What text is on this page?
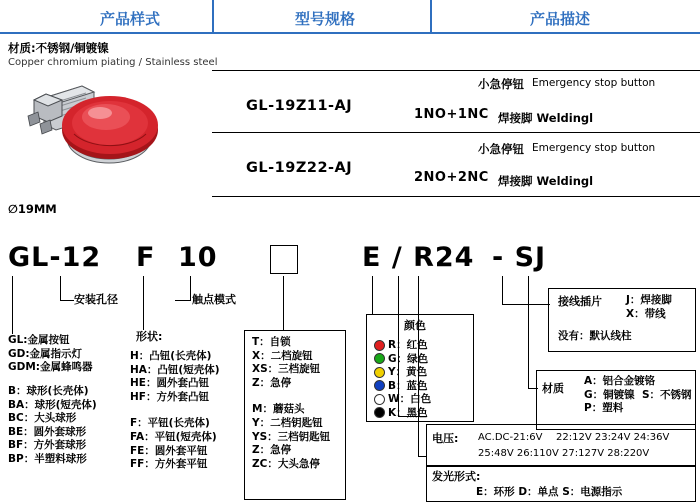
产品样式	型号规格	产品描述
材质:不锈钢/铜镀镍
Copper chromium piating / Stainless steel
∅19MM
GL-19Z11-AJ
小急停钮 Emergency stop button
1NO+1NC 焊接脚 Weldingl
GL-19Z22-AJ
小急停钮 Emergency stop button
2NO+2NC 焊接脚 Weldingl
GL-12 F 10	E / R24 - SJ
安装孔径	触点模式
GL:金属按钮
GD:金属指示灯
GDM:金属蜂鸣器
B：球形(长壳体)
BA：球形(短壳体)
BC：大头球形
BE：圆外套球形
BF：方外套球形
BP：半塑料球形
形状:
H：凸钮(长壳体)
HA：凸钮(短壳体)
HE：圆外套凸钮
HF：方外套凸钮
F：平钮(长壳体)
FA：平钮(短壳体)
FE：圆外套平钮
FF：方外套平钮
T：自锁
X：二档旋钮
XS：三档旋钮
Z：急停
M：蘑菇头
Y：二档钥匙钮
YS：三档钥匙钮
Z：急停
ZC：大头急停
颜色
R：红色
G：绿色
Y：黄色
B：蓝色
W：白色
K：黑色
接线插片 J：焊接脚
X：带线
没有：默认线柱
材质
A：铝合金镀铬
G：铜镀镍 S：不锈钢
P：塑料
电压: AC.DC-21:6V 22:12V 23:24V 24:36V
25:48V 26:110V 27:127V 28:220V
发光形式:
E：环形 D：单点 S：电源指示
